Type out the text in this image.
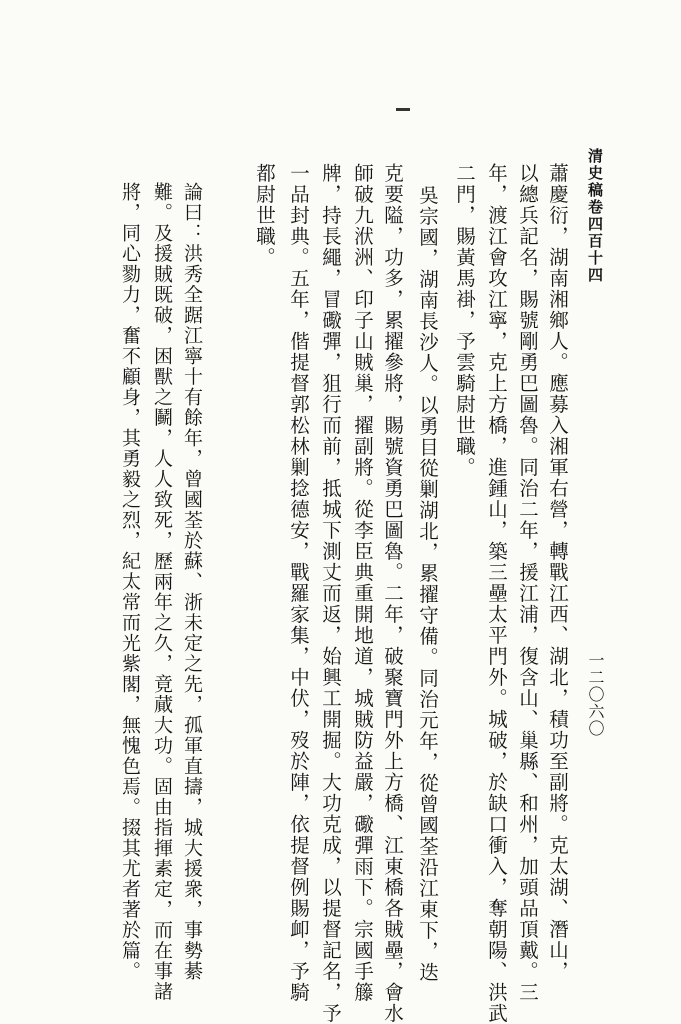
清史稿卷四百十四
一二〇六〇
蕭慶衍，湖南湘鄉人。應募入湘軍右營，轉戰江西、湖北，積功至副將。克太湖、潛山，
以總兵記名，賜號剛勇巴圖魯。同治二年，援江浦，復含山、巢縣、和州，加頭品頂戴。三
年，渡江會攻江寧，克上方橋，進鍾山，築三壘太平門外。城破，於缺口衝入，奪朝陽、洪武
二門，賜黃馬褂，予雲騎尉世職。
吳宗國，湖南長沙人。以勇目從剿湖北，累擢守備。同治元年，從曾國荃沿江東下，迭
克要隘，功多，累擢參將，賜號資勇巴圖魯。二年，破聚寶門外上方橋、江東橋各賊壘，會水
師破九洑洲、印子山賊巢，擢副將。從李臣典重開地道，城賊防益嚴，礮彈雨下。宗國手籐
牌，持長繩，冒礮彈，狙行而前，抵城下測丈而返，始興工開掘。大功克成，以提督記名，予
一品封典。五年，偕提督郭松林剿捻德安，戰羅家集，中伏，歿於陣，依提督例賜卹，予騎
都尉世職。
論曰：洪秀全踞江寧十有餘年，曾國荃於蘇、浙未定之先，孤軍直擣，城大援衆，事勢綦
難。及援賊既破，困獸之鬭，人人致死，歷兩年之久，竟蕆大功。固由指揮素定，而在事諸
將，同心勠力，奮不顧身，其勇毅之烈，紀太常而光紫閣，無愧色焉。掇其尤者著於篇。
